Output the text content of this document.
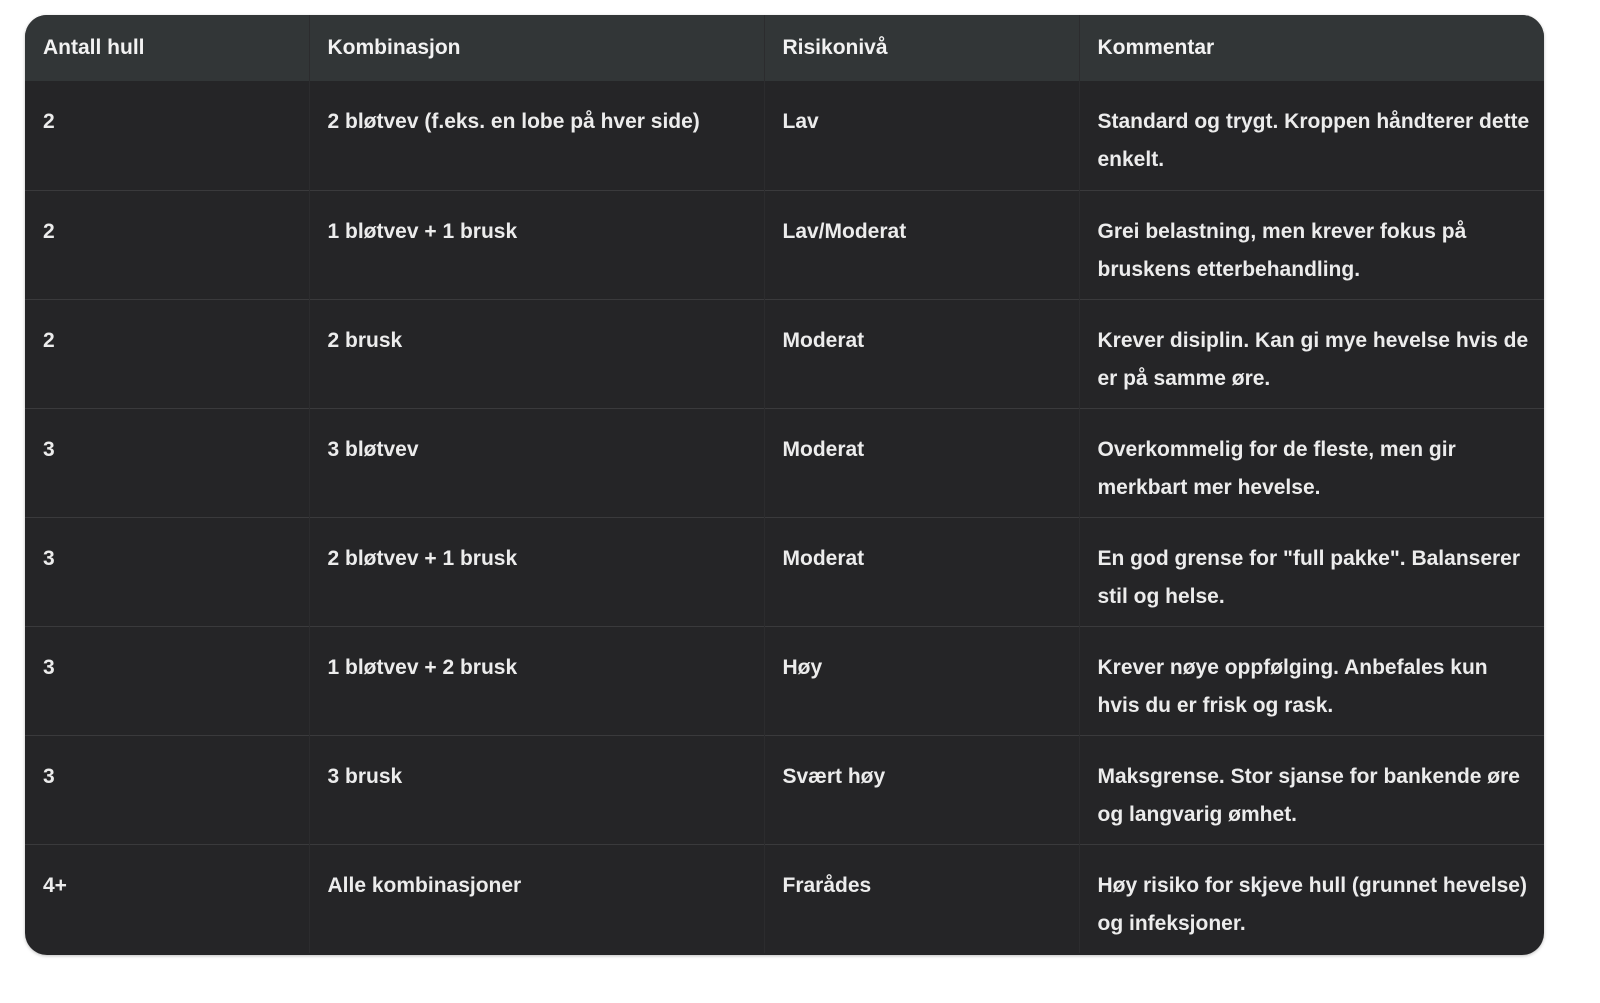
Antall hull	Kombinasjon	Risikonivå	Kommentar
2	2 bløtvev (f.eks. en lobe på hver side)	Lav	Standard og trygt. Kroppen håndterer dette enkelt.
2	1 bløtvev + 1 brusk	Lav/Moderat	Grei belastning, men krever fokus på bruskens etterbehandling.
2	2 brusk	Moderat	Krever disiplin. Kan gi mye hevelse hvis de er på samme øre.
3	3 bløtvev	Moderat	Overkommelig for de fleste, men gir merkbart mer hevelse.
3	2 bløtvev + 1 brusk	Moderat	En god grense for "full pakke". Balanserer stil og helse.
3	1 bløtvev + 2 brusk	Høy	Krever nøye oppfølging. Anbefales kun hvis du er frisk og rask.
3	3 brusk	Svært høy	Maksgrense. Stor sjanse for bankende øre og langvarig ømhet.
4+	Alle kombinasjoner	Frarådes	Høy risiko for skjeve hull (grunnet hevelse) og infeksjoner.
